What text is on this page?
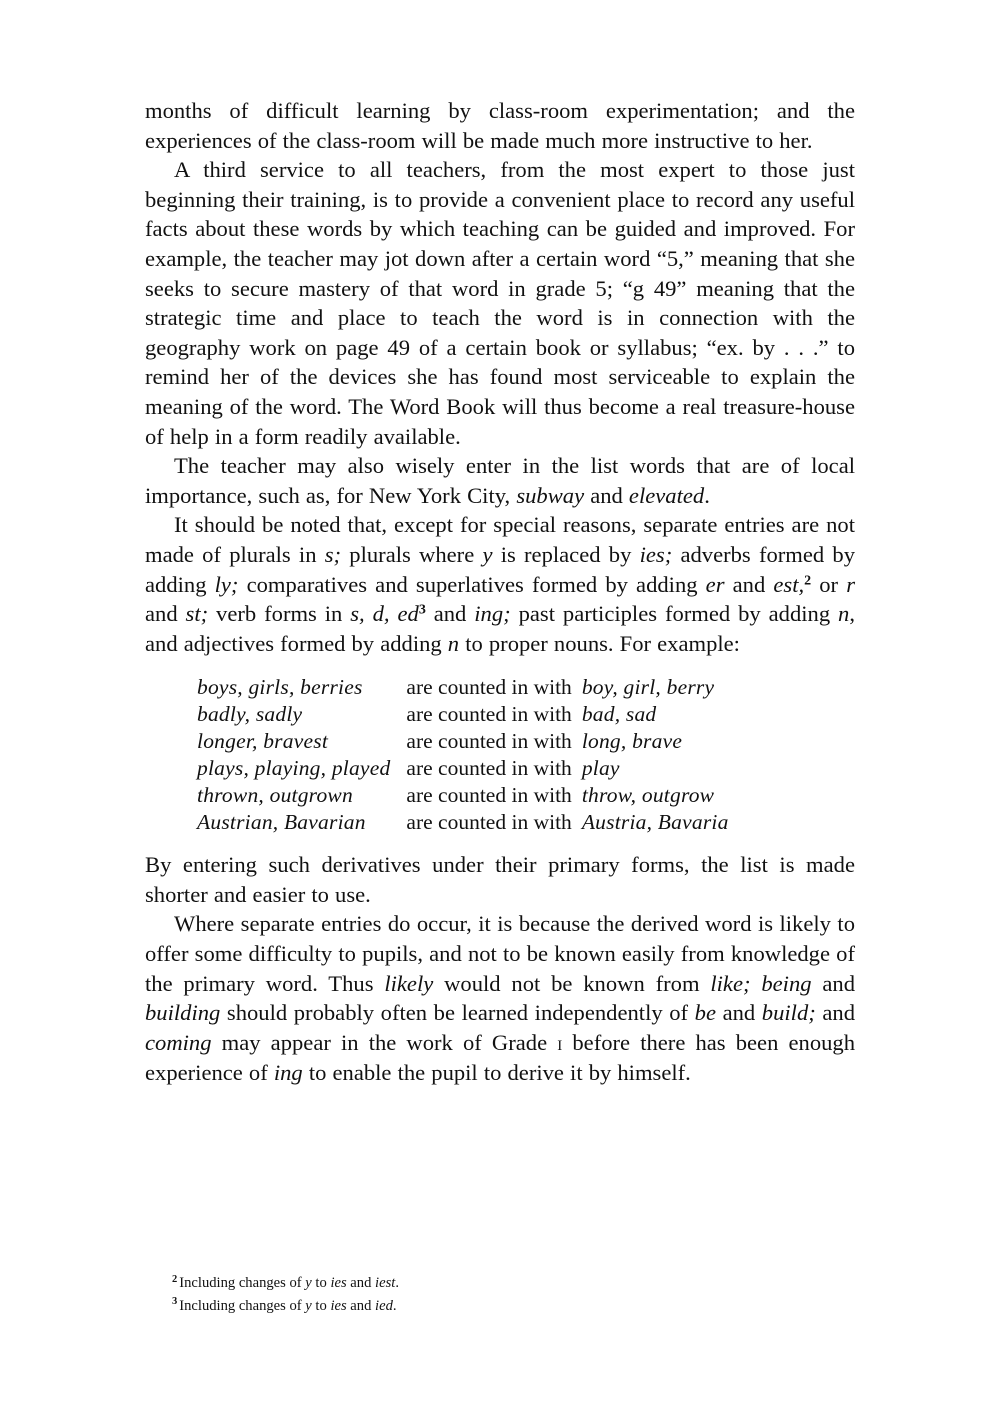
months of difficult learning by class-room experimentation; and the experiences of the class-room will be made much more instructive to her.

A third service to all teachers, from the most expert to those just beginning their training, is to provide a convenient place to record any useful facts about these words by which teaching can be guided and improved. For example, the teacher may jot down after a certain word “5,” meaning that she seeks to secure mastery of that word in grade 5; “g 49” meaning that the strategic time and place to teach the word is in connection with the geography work on page 49 of a certain book or syllabus; “ex. by . . .” to remind her of the devices she has found most serviceable to explain the meaning of the word. The Word Book will thus become a real treasure-house of help in a form readily available.

The teacher may also wisely enter in the list words that are of local importance, such as, for New York City, subway and elevated.

It should be noted that, except for special reasons, separate entries are not made of plurals in s; plurals where y is replaced by ies; adverbs formed by adding ly; comparatives and superlatives formed by adding er and est,$^2$ or r and st; verb forms in s, d, $ed^3$ and ing; past participles formed by adding n, and adjectives formed by adding n to proper nouns. For example:

boys, girls, berries	are counted in with	boy, girl, berry
badly, sadly	are counted in with	bad, sad
longer, bravest	are counted in with	long, brave
plays, playing, played	are counted in with	play
thrown, outgrown	are counted in with	throw, outgrow
Austrian, Bavarian	are counted in with	Austria, Bavaria

By entering such derivatives under their primary forms, the list is made shorter and easier to use.

Where separate entries do occur, it is because the derived word is likely to offer some difficulty to pupils, and not to be known easily from knowledge of the primary word. Thus likely would not be known from like; being and building should probably often be learned independently of be and build; and coming may appear in the work of Grade i before there has been enough experience of ing to enable the pupil to derive it by himself.

$^2$ Including changes of y to ies and iest.

$^3$ Including changes of y to ies and ied.
